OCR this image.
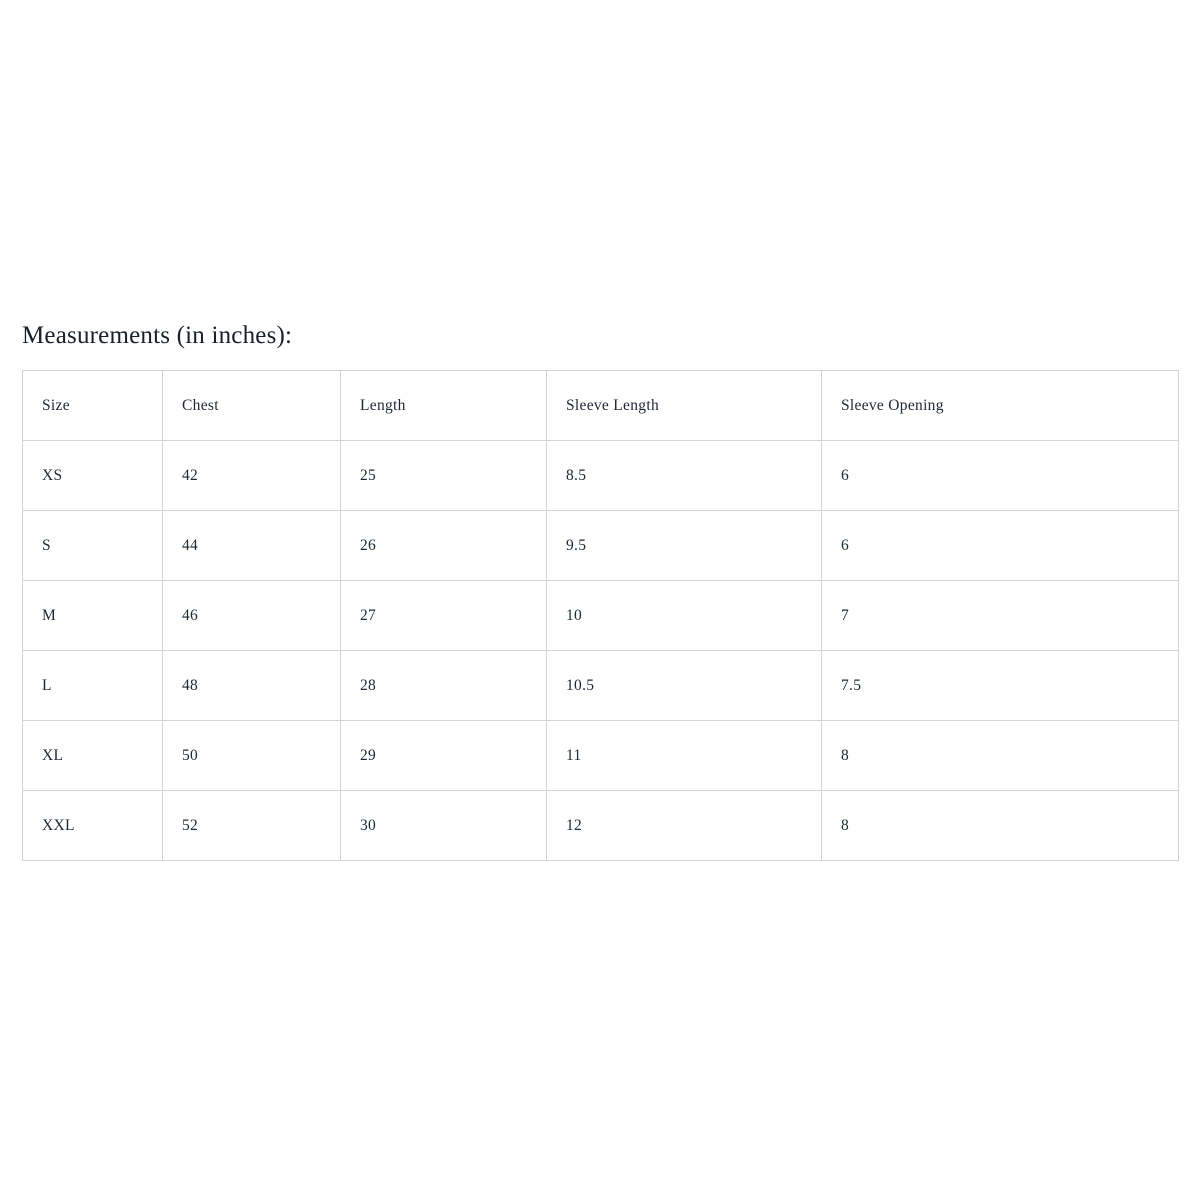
Measurements (in inches):
Size	Chest	Length	Sleeve Length	Sleeve Opening
XS	42	25	8.5	6
S	44	26	9.5	6
M	46	27	10	7
L	48	28	10.5	7.5
XL	50	29	11	8
XXL	52	30	12	8
